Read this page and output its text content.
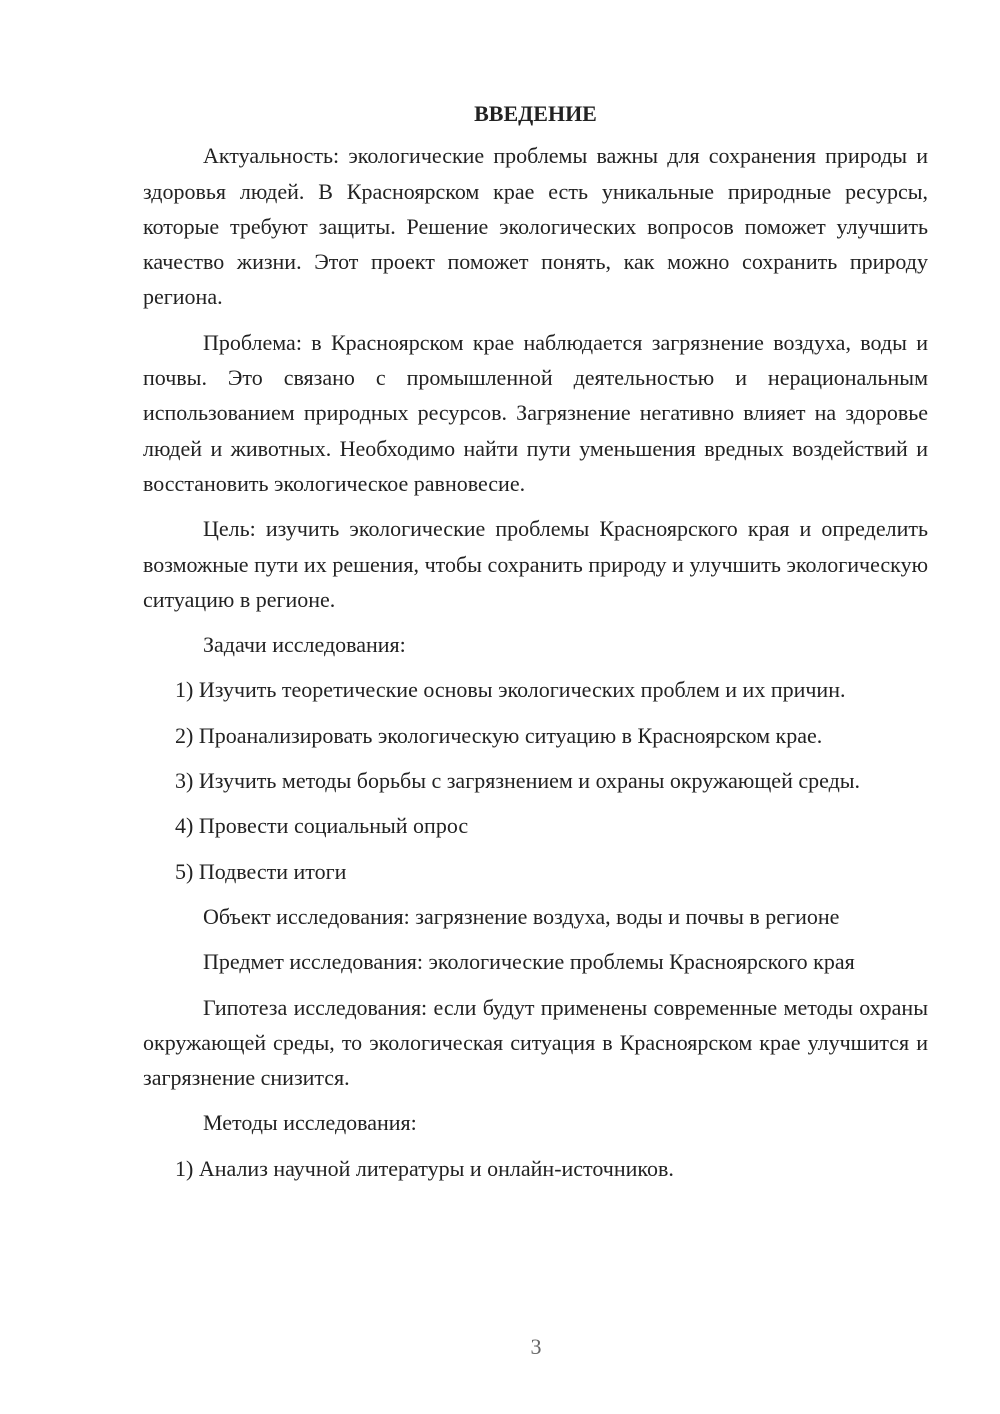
ВВЕДЕНИЕ

Актуальность: экологические проблемы важны для сохранения природы и здоровья людей. В Красноярском крае есть уникальные природные ресурсы, которые требуют защиты. Решение экологических вопросов поможет улучшить качество жизни. Этот проект поможет понять, как можно сохранить природу региона.

Проблема: в Красноярском крае наблюдается загрязнение воздуха, воды и почвы. Это связано с промышленной деятельностью и нерациональным использованием природных ресурсов. Загрязнение негативно влияет на здоровье людей и животных. Необходимо найти пути уменьшения вредных воздействий и восстановить экологическое равновесие.

Цель: изучить экологические проблемы Красноярского края и определить возможные пути их решения, чтобы сохранить природу и улучшить экологическую ситуацию в регионе.

Задачи исследования:

1) Изучить теоретические основы экологических проблем и их причин.

2) Проанализировать экологическую ситуацию в Красноярском крае.

3) Изучить методы борьбы с загрязнением и охраны окружающей среды.

4) Провести социальный опрос

5) Подвести итоги

Объект исследования: загрязнение воздуха, воды и почвы в регионе

Предмет исследования: экологические проблемы Красноярского края

Гипотеза исследования: если будут применены современные методы охраны окружающей среды, то экологическая ситуация в Красноярском крае улучшится и загрязнение снизится.

Методы исследования:

1) Анализ научной литературы и онлайн-источников.

3
